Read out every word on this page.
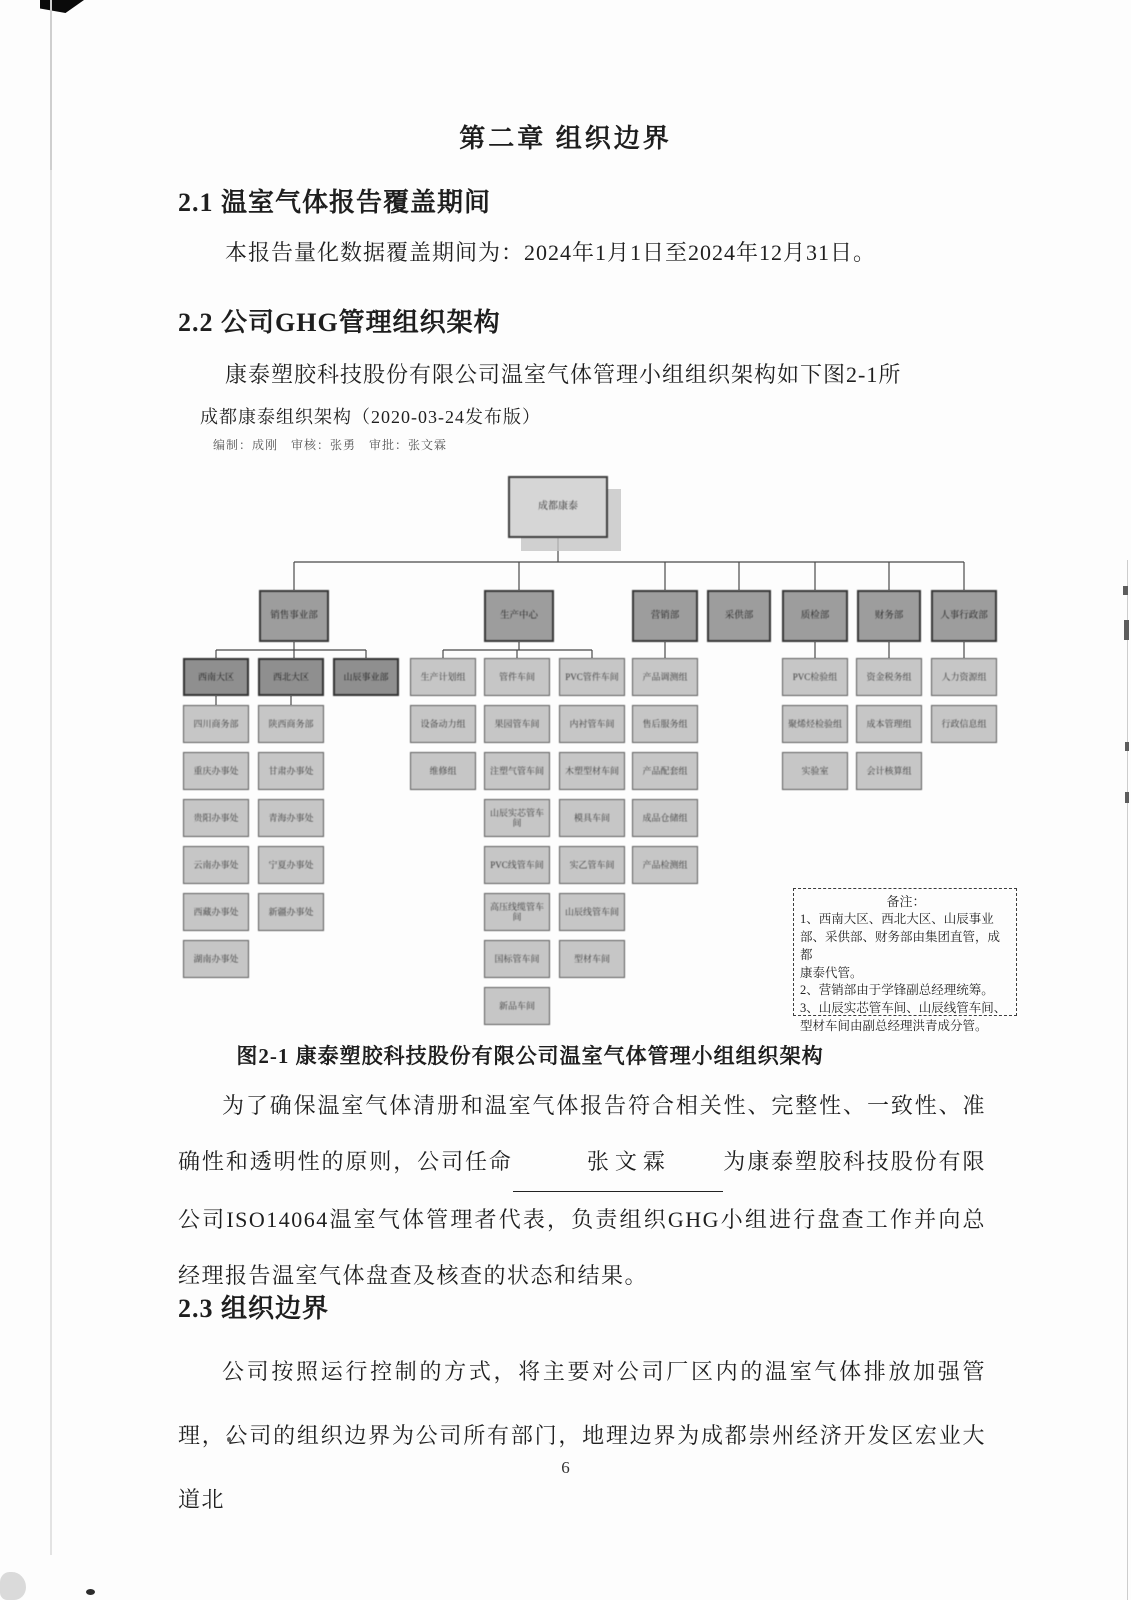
第二章 组织边界
2.1 温室气体报告覆盖期间
本报告量化数据覆盖期间为：2024年1月1日至2024年12月31日。
2.2 公司GHG管理组织架构
康泰塑胶科技股份有限公司温室气体管理小组组织架构如下图2-1所
成都康泰组织架构（2020-03-24发布版）
编制：成刚　审核：张勇　审批：张文霖
成都康泰
销售事业部	生产中心	营销部	采供部	质检部	财务部	人事行政部
西南大区
四川商务部
重庆办事处
贵阳办事处
云南办事处
西藏办事处
湖南办事处
西北大区
陕西商务部
甘肃办事处
青海办事处
宁夏办事处
新疆办事处
山辰事业部	生产计划组
设备动力组
维修组
管件车间
果园管车间
注塑气管车间
山辰实芯管车间
PVC线管车间
高压线缆管车间
国标管车间
新品车间
PVC管件车间
内衬管车间
木塑型材车间
模具车间
实乙管车间
山辰线管车间
型材车间
产品调测组
售后服务组
产品配套组
成品仓储组
产品检测组
PVC检验组
聚烯烃检验组
实验室
资金税务组
成本管理组
会计核算组
人力资源组
行政信息组
备注：
1、西南大区、西北大区、山辰事业
部、采供部、财务部由集团直管，成都
康泰代管。
2、营销部由于学锋副总经理统筹。
3、山辰实芯管车间、山辰线管车间、
型材车间由副总经理洪青成分管。
图2-1 康泰塑胶科技股份有限公司温室气体管理小组组织架构
为了确保温室气体清册和温室气体报告符合相关性、完整性、一致性、准确性和透明性的原则，公司任命	张文霖 为康泰塑胶科技股份有限公司ISO14064温室气体管理者代表，负责组织GHG小组进行盘查工作并向总经理报告温室气体盘查及核查的状态和结果。
2.3 组织边界
公司按照运行控制的方式，将主要对公司厂区内的温室气体排放加强管理，公司的组织边界为公司所有部门，地理边界为成都崇州经济开发区宏业大道北
6
